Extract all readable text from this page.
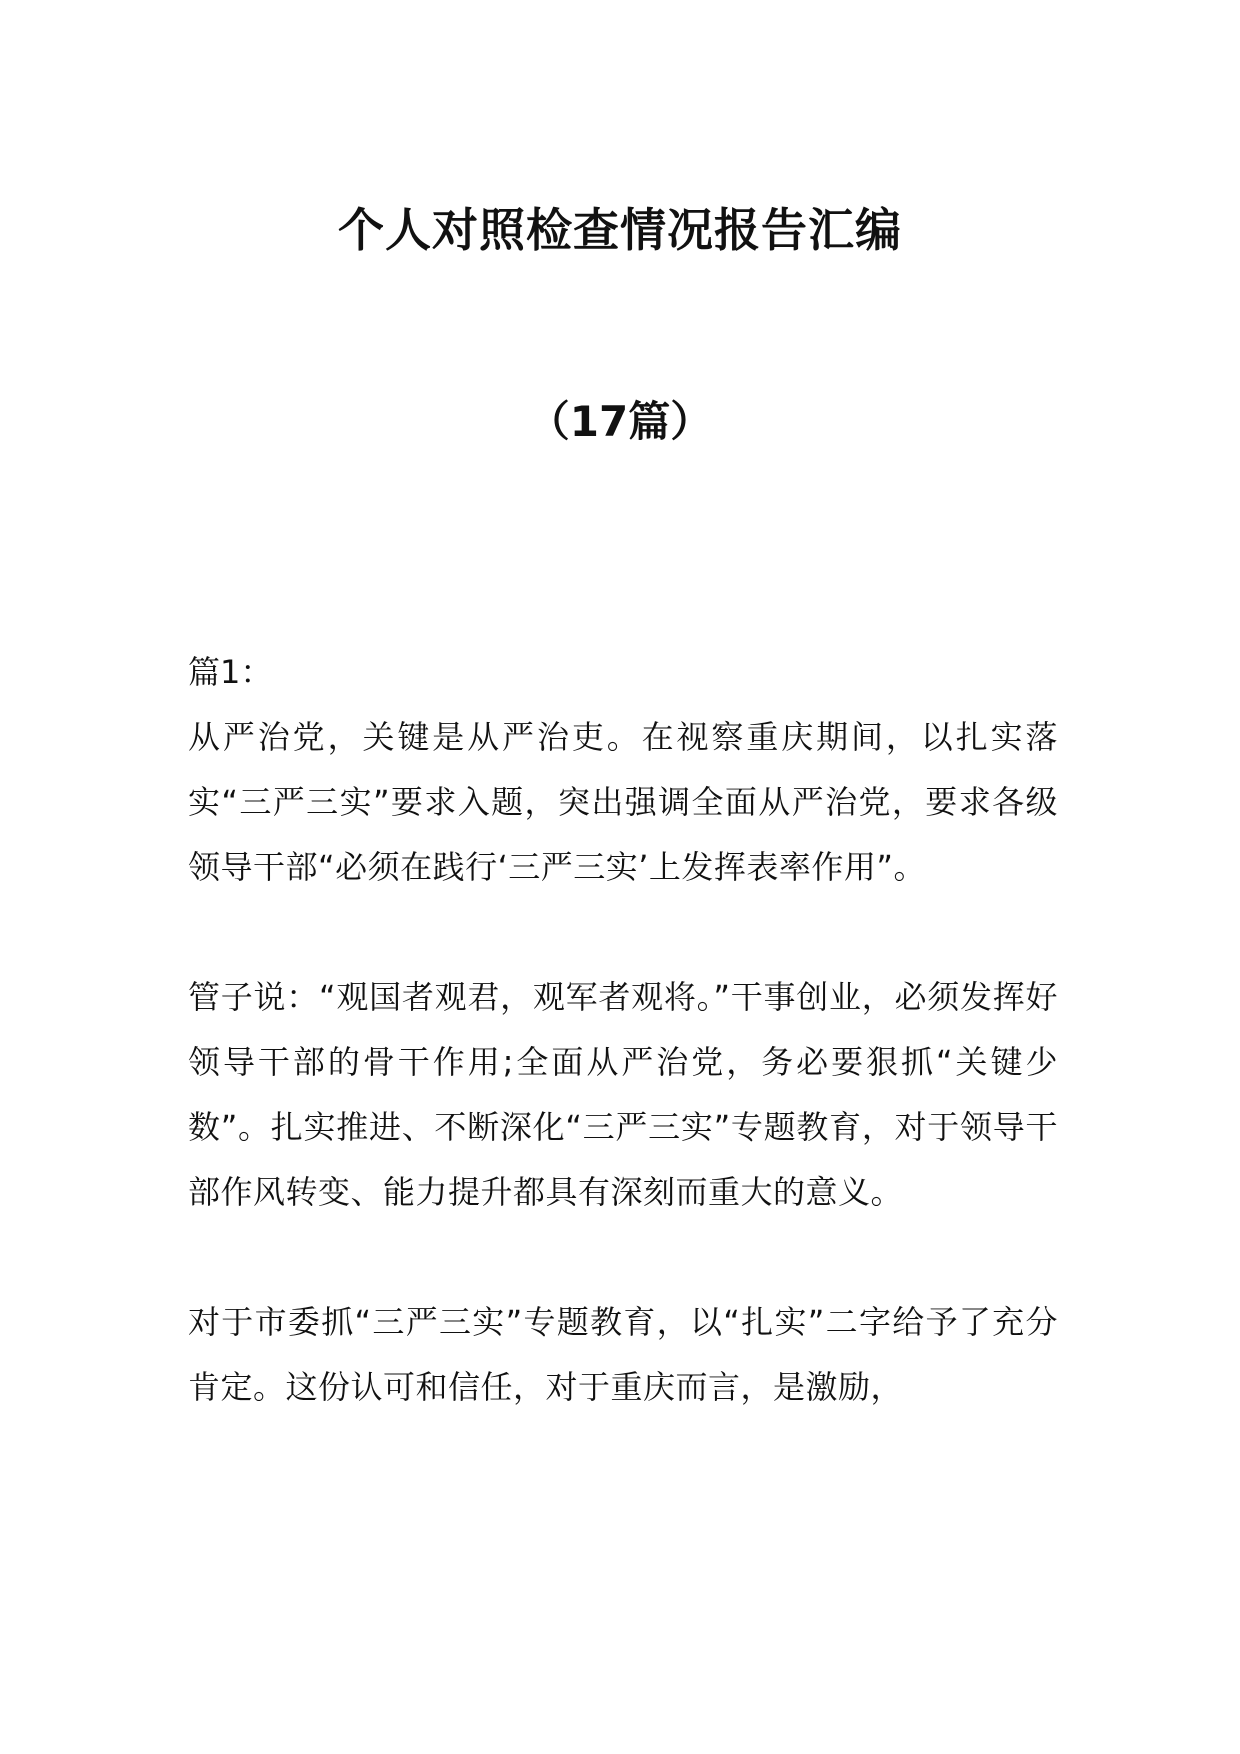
个人对照检查情况报告汇编
（17篇）

篇1：

从严治党，关键是从严治吏。在视察重庆期间，以扎实落实“三严三实”要求入题，突出强调全面从严治党，要求各级领导干部“必须在践行‘三严三实’上发挥表率作用”。

管子说：“观国者观君，观军者观将。”干事创业，必须发挥好领导干部的骨干作用;全面从严治党，务必要狠抓“关键少数”。扎实推进、不断深化“三严三实”专题教育，对于领导干部作风转变、能力提升都具有深刻而重大的意义。

对于市委抓“三严三实”专题教育，以“扎实”二字给予了充分肯定。这份认可和信任，对于重庆而言，是激励，
